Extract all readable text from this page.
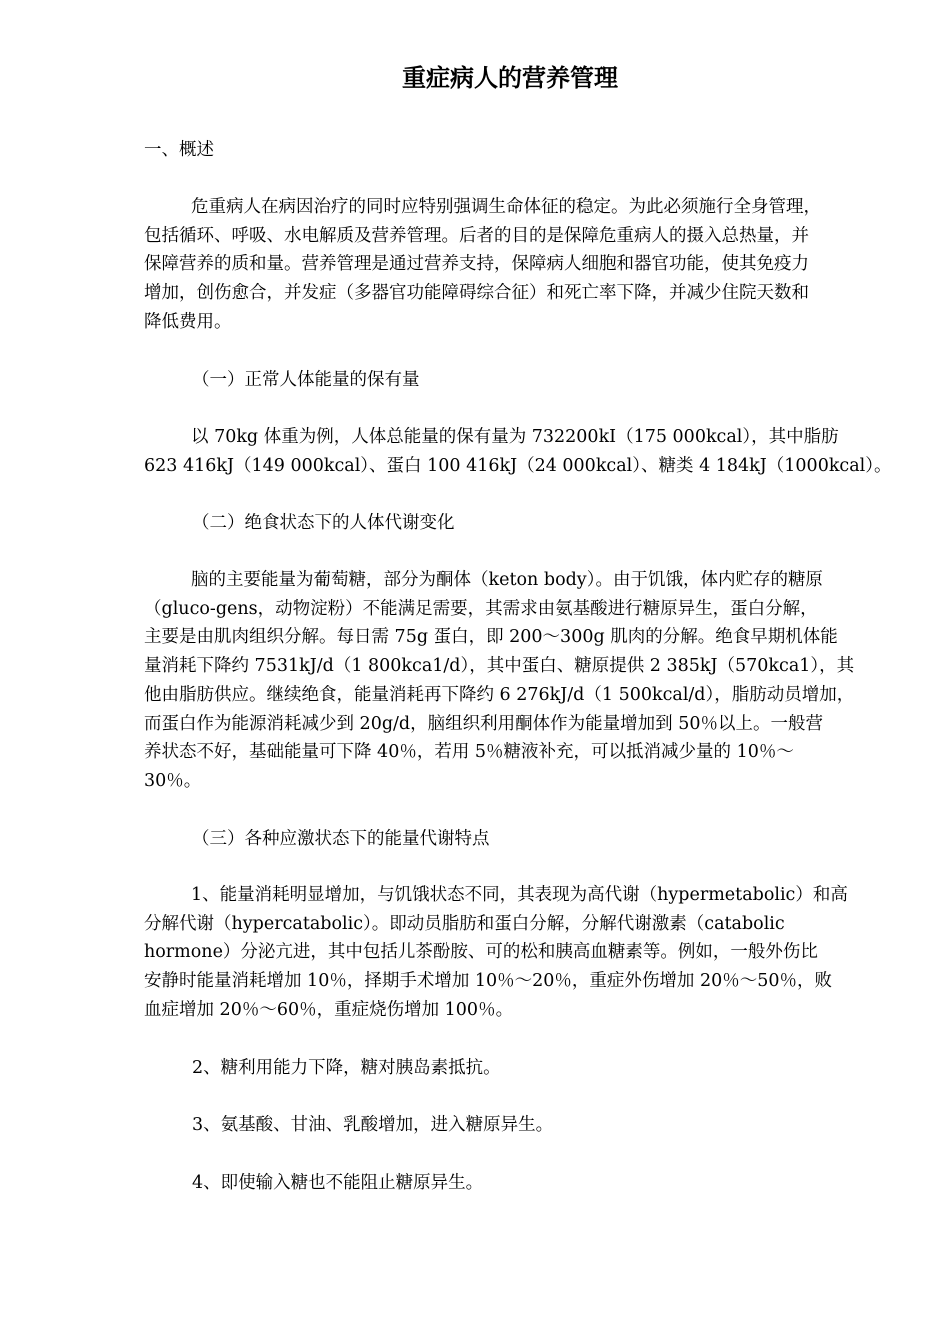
重症病人的营养管理
一、概述
危重病人在病因治疗的同时应特别强调生命体征的稳定。为此必须施行全身管理，
包括循环、呼吸、水电解质及营养管理。后者的目的是保障危重病人的摄入总热量，并
保障营养的质和量。营养管理是通过营养支持，保障病人细胞和器官功能，使其免疫力
增加，创伤愈合，并发症（多器官功能障碍综合征）和死亡率下降，并减少住院天数和
降低费用。
（一）正常人体能量的保有量
以 70kg 体重为例，人体总能量的保有量为 732200kI（175 000kcal），其中脂肪
623 416kJ（149 000kcal）、蛋白 100 416kJ（24 000kcal）、糖类 4 184kJ（1000kcal）。
（二）绝食状态下的人体代谢变化
脑的主要能量为葡萄糖，部分为酮体（keton body）。由于饥饿，体内贮存的糖原
（gluco-gens，动物淀粉）不能满足需要，其需求由氨基酸进行糖原异生，蛋白分解，
主要是由肌肉组织分解。每日需 75g 蛋白，即 200～300g 肌肉的分解。绝食早期机体能
量消耗下降约 7531kJ/d（1 800kca1/d），其中蛋白、糖原提供 2 385kJ（570kca1），其
他由脂肪供应。继续绝食，能量消耗再下降约 6 276kJ/d（1 500kcal/d），脂肪动员增加，
而蛋白作为能源消耗减少到 20g/d，脑组织利用酮体作为能量增加到 50％以上。一般营
养状态不好，基础能量可下降 40％，若用 5％糖液补充，可以抵消减少量的 10％～
30％。
（三）各种应激状态下的能量代谢特点
1、能量消耗明显增加，与饥饿状态不同，其表现为高代谢（hypermetabolic）和高
分解代谢（hypercatabolic）。即动员脂肪和蛋白分解，分解代谢激素（catabolic
hormone）分泌亢进，其中包括儿茶酚胺、可的松和胰高血糖素等。例如，一般外伤比
安静时能量消耗增加 10％，择期手术增加 10％～20％，重症外伤增加 20％～50％，败
血症增加 20％～60％，重症烧伤增加 100％。
2、糖利用能力下降，糖对胰岛素抵抗。
3、氨基酸、甘油、乳酸增加，进入糖原异生。
4、即使输入糖也不能阻止糖原异生。
